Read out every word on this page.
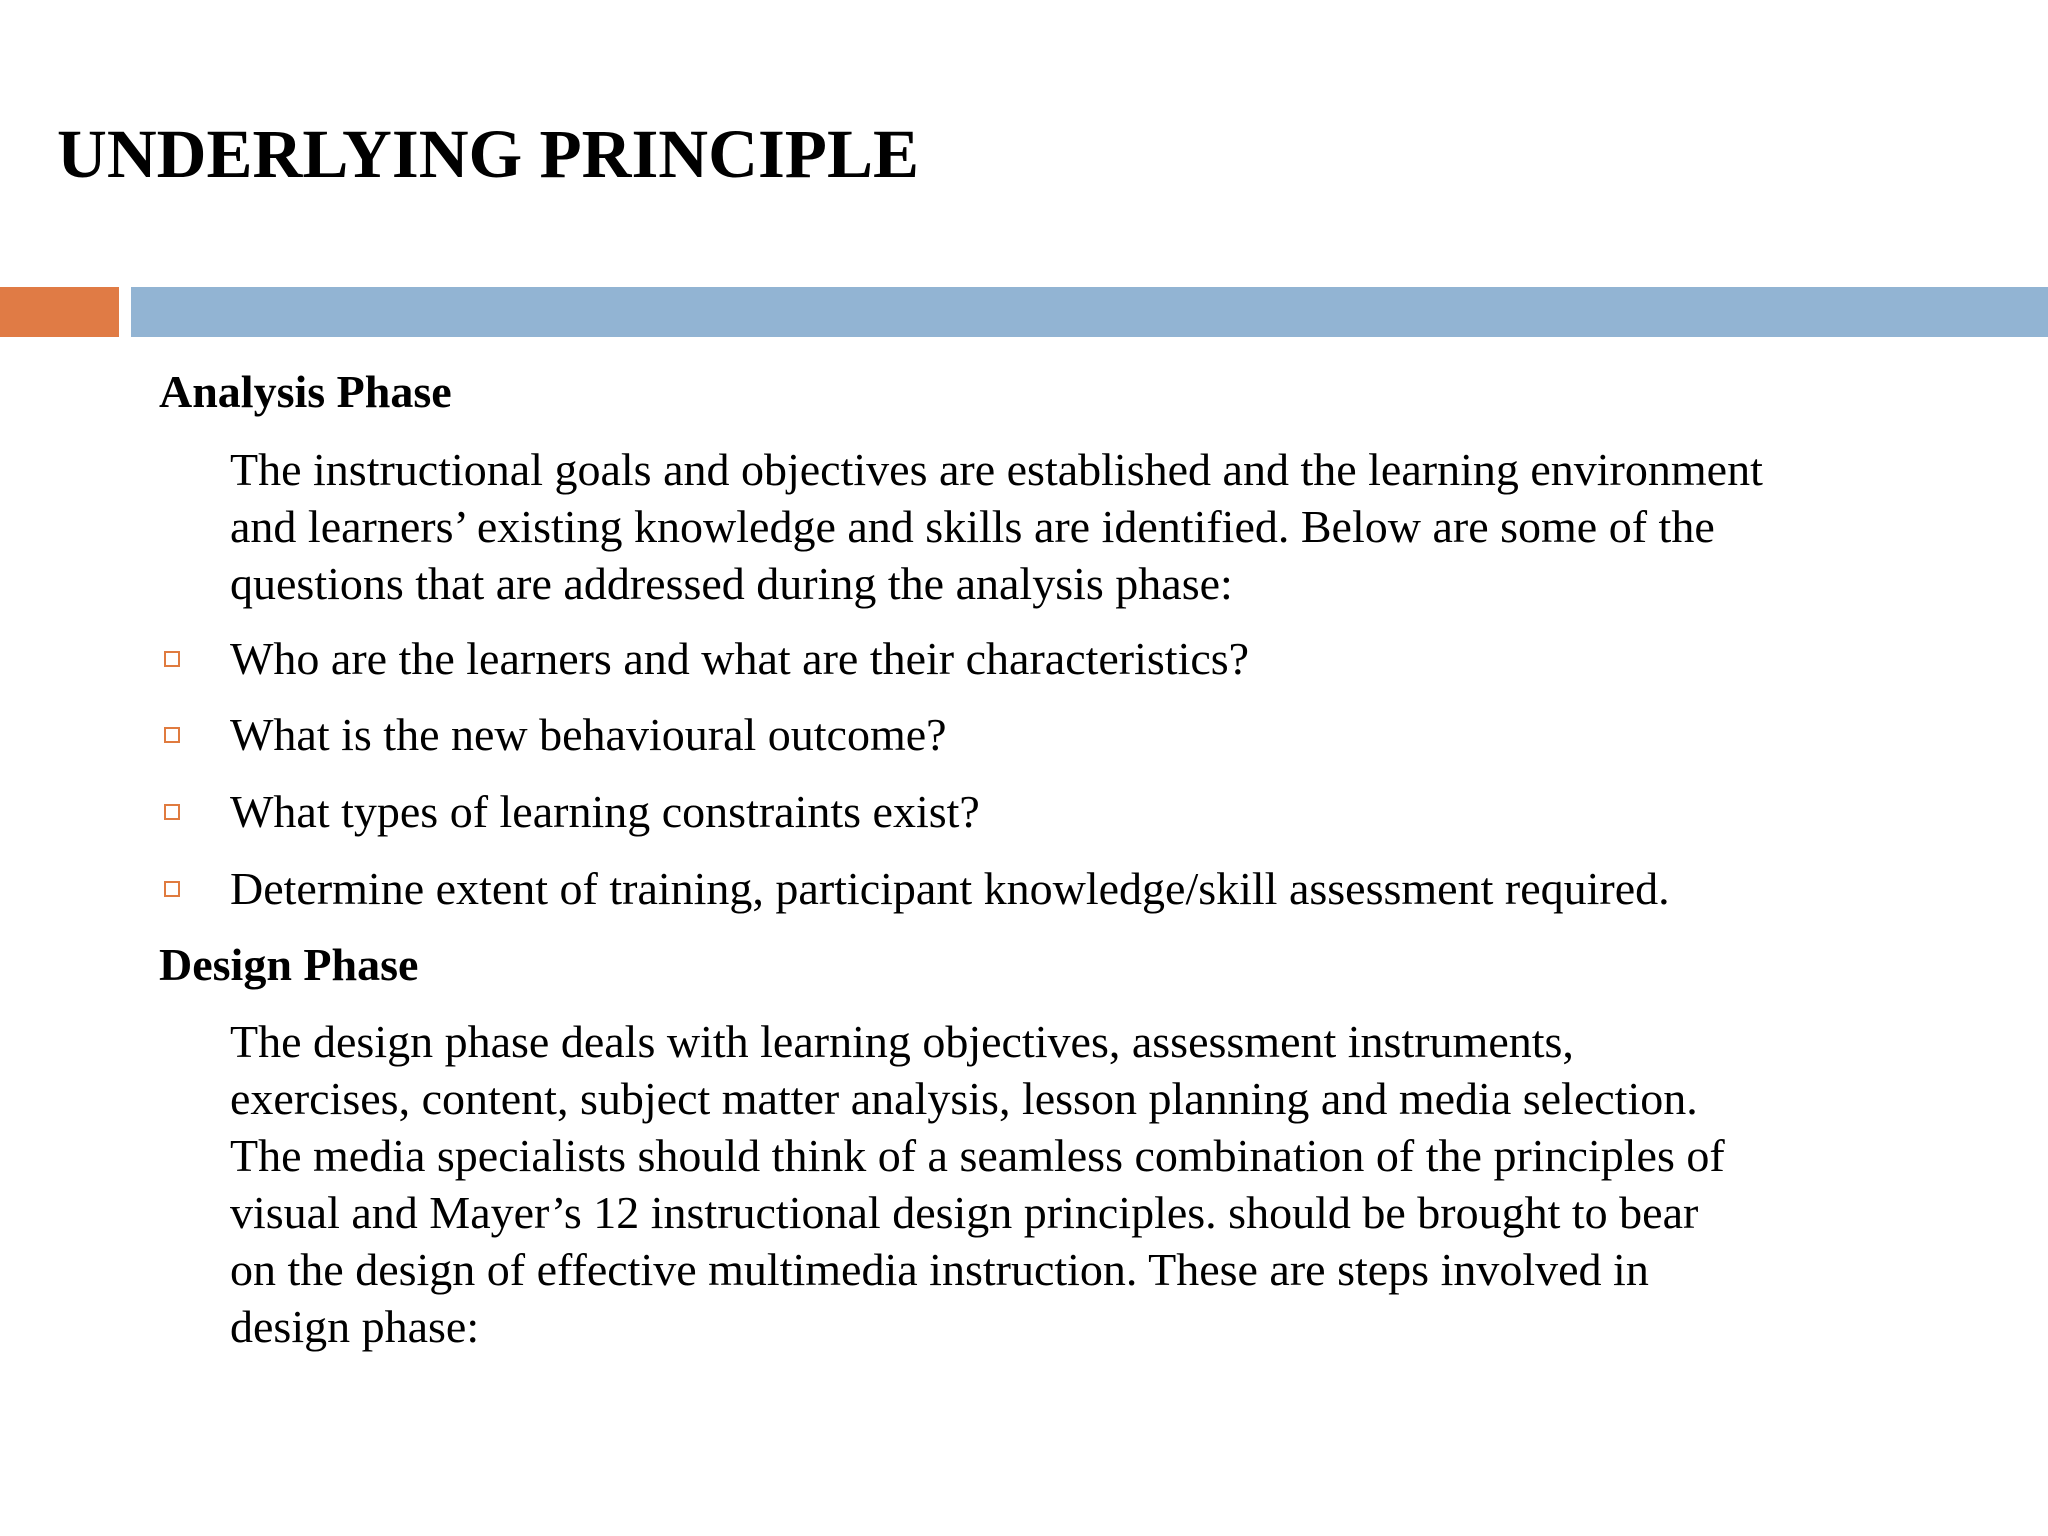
UNDERLYING PRINCIPLE
Analysis Phase

The instructional goals and objectives are established and the learning environment
and learners’ existing knowledge and skills are identified. Below are some of the
questions that are addressed during the analysis phase:

Who are the learners and what are their characteristics?
What is the new behavioural outcome?
What types of learning constraints exist?
Determine extent of training, participant knowledge/skill assessment required.
Design Phase

The design phase deals with learning objectives, assessment instruments,
exercises, content, subject matter analysis, lesson planning and media selection.
The media specialists should think of a seamless combination of the principles of
visual and Mayer’s 12 instructional design principles. should be brought to bear
on the design of effective multimedia instruction. These are steps involved in
design phase:
